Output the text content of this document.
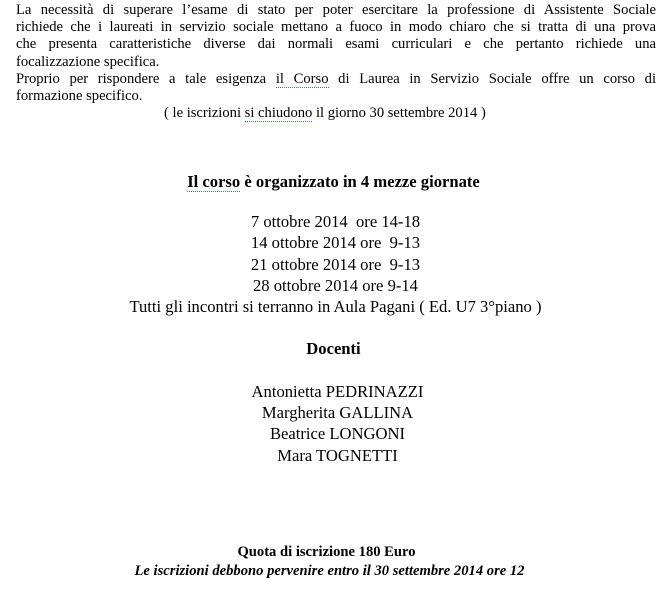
La necessità di superare l’esame di stato per poter esercitare la professione di Assistente Sociale
richiede che i laureati in servizio sociale mettano a fuoco in modo chiaro che si tratta di una prova
che presenta caratteristiche diverse dai normali esami curriculari e che pertanto richiede una
focalizzazione specifica.

Proprio per rispondere a tale esigenza il Corso di Laurea in Servizio Sociale offre un corso di
formazione specifico.
( le iscrizioni si chiudono il giorno 30 settembre 2014 )

Il corso è organizzato in 4 mezze giornate
7 ottobre 2014  ore 14-18
14 ottobre 2014 ore  9-13
21 ottobre 2014 ore  9-13
28 ottobre 2014 ore 9-14
Tutti gli incontri si terranno in Aula Pagani ( Ed. U7 3°piano )
Docenti
Antonietta PEDRINAZZI
Margherita GALLINA
Beatrice LONGONI
Mara TOGNETTI
Quota di iscrizione 180 Euro
Le iscrizioni debbono pervenire entro il 30 settembre 2014 ore 12
